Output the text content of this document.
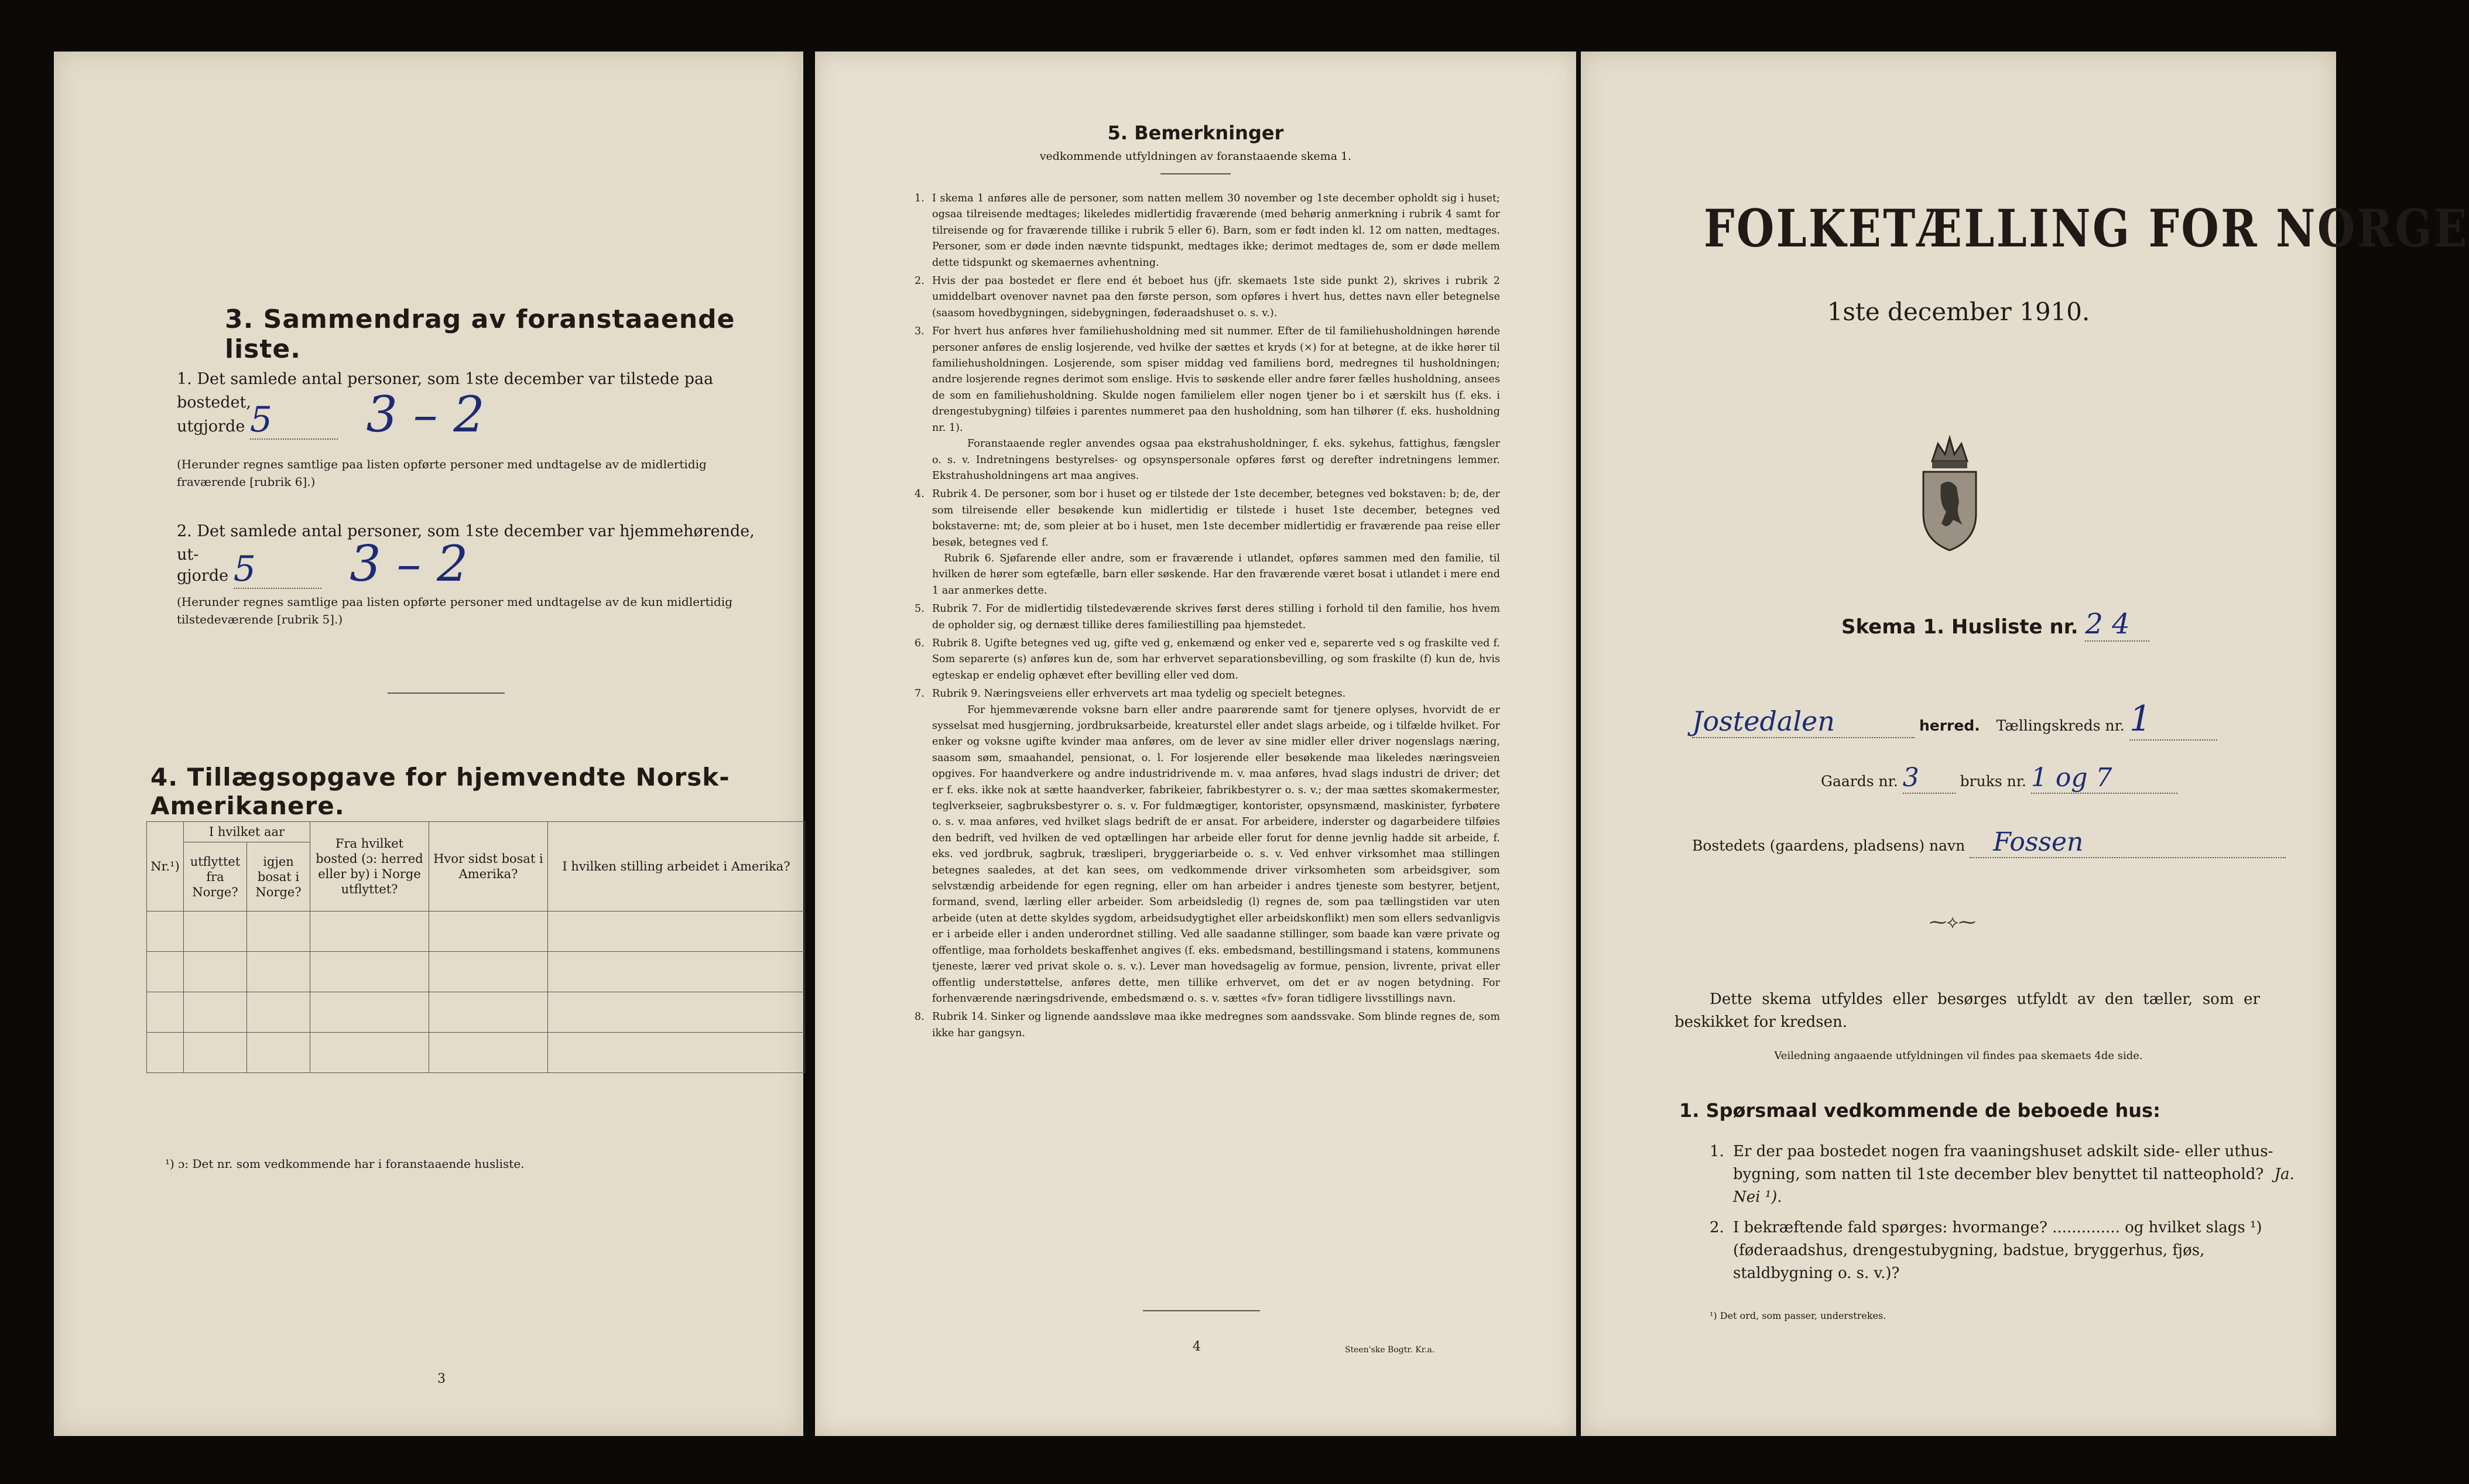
3. Sammendrag av foranstaaende liste.
1. Det samlede antal personer, som 1ste december var tilstede paa bostedet,
utgjorde 5 3 – 2
(Herunder regnes samtlige paa listen opførte personer med undtagelse av de midlertidig fraværende [rubrik 6].)
2. Det samlede antal personer, som 1ste december var hjemmehørende, ut-
gjorde 5 3 – 2
(Herunder regnes samtlige paa listen opførte personer med undtagelse av de kun midlertidig tilstedeværende [rubrik 5].)
4. Tillægsopgave for hjemvendte Norsk-Amerikanere.
Nr.¹)	I hvilket aar		Fra hvilket bosted (ɔ: herred eller by) i Norge utflyttet?	Hvor sidst bosat i Amerika?	I hvilken stilling arbeidet i Amerika?
	utflyttet fra Norge?	igjen bosat i Norge?			

¹) ɔ: Det nr. som vedkommende har i foranstaaende husliste.
3
5. Bemerkninger
vedkommende utfyldningen av foranstaaende skema 1.
1. I skema 1 anføres alle de personer, som natten mellem 30 november og 1ste december opholdt sig i huset; ogsaa tilreisende medtages; likeledes midlertidig fraværende (med behørig anmerkning i rubrik 4 samt for tilreisende og for fraværende tillike i rubrik 5 eller 6). Barn, som er født inden kl. 12 om natten, medtages. Personer, som er døde inden nævnte tidspunkt, medtages ikke; derimot medtages de, som er døde mellem dette tidspunkt og skemaernes avhentning.

2. Hvis der paa bostedet er flere end ét beboet hus (jfr. skemaets 1ste side punkt 2), skrives i rubrik 2 umiddelbart ovenover navnet paa den første person, som opføres i hvert hus, dettes navn eller betegnelse (saasom hovedbygningen, sidebygningen, føderaadshuset o. s. v.).

3. For hvert hus anføres hver familiehusholdning med sit nummer. Efter de til familiehusholdningen hørende personer anføres de enslig losjerende, ved hvilke der sættes et kryds (×) for at betegne, at de ikke hører til familiehusholdningen. Losjerende, som spiser middag ved familiens bord, medregnes til husholdningen; andre losjerende regnes derimot som enslige. Hvis to søskende eller andre fører fælles husholdning, ansees de som en familiehusholdning. Skulde nogen familielem eller nogen tjener bo i et særskilt hus (f. eks. i drengestubygning) tilføies i parentes nummeret paa den husholdning, som han tilhører (f. eks. husholdning nr. 1).

Foranstaaende regler anvendes ogsaa paa ekstrahusholdninger, f. eks. sykehus, fattighus, fængsler o. s. v. Indretningens bestyrelses- og opsynspersonale opføres først og derefter indretningens lemmer. Ekstrahusholdningens art maa angives.

4. Rubrik 4. De personer, som bor i huset og er tilstede der 1ste december, betegnes ved bokstaven: b; de, der som tilreisende eller besøkende kun midlertidig er tilstede i huset 1ste december, betegnes ved bokstaverne: mt; de, som pleier at bo i huset, men 1ste december midlertidig er fraværende paa reise eller besøk, betegnes ved f.

Rubrik 6. Sjøfarende eller andre, som er fraværende i utlandet, opføres sammen med den familie, til hvilken de hører som egtefælle, barn eller søskende. Har den fraværende været bosat i utlandet i mere end 1 aar anmerkes dette.

5. Rubrik 7. For de midlertidig tilstedeværende skrives først deres stilling i forhold til den familie, hos hvem de opholder sig, og dernæst tillike deres familiestilling paa hjemstedet.

6. Rubrik 8. Ugifte betegnes ved ug, gifte ved g, enkemænd og enker ved e, separerte ved s og fraskilte ved f. Som separerte (s) anføres kun de, som har erhvervet separationsbevilling, og som fraskilte (f) kun de, hvis egteskap er endelig ophævet efter bevilling eller ved dom.

7. Rubrik 9. Næringsveiens eller erhvervets art maa tydelig og specielt betegnes.

For hjemmeværende voksne barn eller andre paarørende samt for tjenere oplyses, hvorvidt de er sysselsat med husgjerning, jordbruksarbeide, kreaturstel eller andet slags arbeide, og i tilfælde hvilket. For enker og voksne ugifte kvinder maa anføres, om de lever av sine midler eller driver nogenslags næring, saasom søm, smaahandel, pensionat, o. l. For losjerende eller besøkende maa likeledes næringsveien opgives. For haandverkere og andre industridrivende m. v. maa anføres, hvad slags industri de driver; det er f. eks. ikke nok at sætte haandverker, fabrikeier, fabrikbestyrer o. s. v.; der maa sættes skomakermester, teglverkseier, sagbruksbestyrer o. s. v. For fuldmægtiger, kontorister, opsynsmænd, maskinister, fyrbøtere o. s. v. maa anføres, ved hvilket slags bedrift de er ansat. For arbeidere, inderster og dagarbeidere tilføies den bedrift, ved hvilken de ved optællingen har arbeide eller forut for denne jevnlig hadde sit arbeide, f. eks. ved jordbruk, sagbruk, træsliperi, bryggeriarbeide o. s. v. Ved enhver virksomhet maa stillingen betegnes saaledes, at det kan sees, om vedkommende driver virksomheten som arbeidsgiver, som selvstændig arbeidende for egen regning, eller om han arbeider i andres tjeneste som bestyrer, betjent, formand, svend, lærling eller arbeider. Som arbeidsledig (l) regnes de, som paa tællingstiden var uten arbeide (uten at dette skyldes sygdom, arbeidsudygtighet eller arbeidskonflikt) men som ellers sedvanligvis er i arbeide eller i anden underordnet stilling. Ved alle saadanne stillinger, som baade kan være private og offentlige, maa forholdets beskaffenhet angives (f. eks. embedsmand, bestillingsmand i statens, kommunens tjeneste, lærer ved privat skole o. s. v.). Lever man hovedsagelig av formue, pension, livrente, privat eller offentlig understøttelse, anføres dette, men tillike erhvervet, om det er av nogen betydning. For forhenværende næringsdrivende, embedsmænd o. s. v. sættes «fv» foran tidligere livsstillings navn.

8. Rubrik 14. Sinker og lignende aandssløve maa ikke medregnes som aandssvake. Som blinde regnes de, som ikke har gangsyn.

4	Steen'ske Bogtr. Kr.a.
FOLKETÆLLING FOR NORGE
1ste december 1910.
Skema 1. Husliste nr. 2 4
Jostedalen	herred. Tællingskreds nr. 1
Gaards nr. 3	bruks nr. 1 og 7
Bostedets (gaardens, pladsens) navn Fossen
⁓⟡⁓
Dette skema utfyldes eller besørges utfyldt av den tæller, som er beskikket for kredsen.
Veiledning angaaende utfyldningen vil findes paa skemaets 4de side.
1. Spørsmaal vedkommende de beboede hus:
1. Er der paa bostedet nogen fra vaaningshuset adskilt side- eller uthus-bygning, som natten til 1ste december blev benyttet til natteophold? Ja. Nei ¹).
2. I bekræftende fald spørges: hvormange? .............. og hvilket slags ¹) (føderaadshus, drengestubygning, badstue, bryggerhus, fjøs, staldbygning o. s. v.)?
¹) Det ord, som passer, understrekes.
